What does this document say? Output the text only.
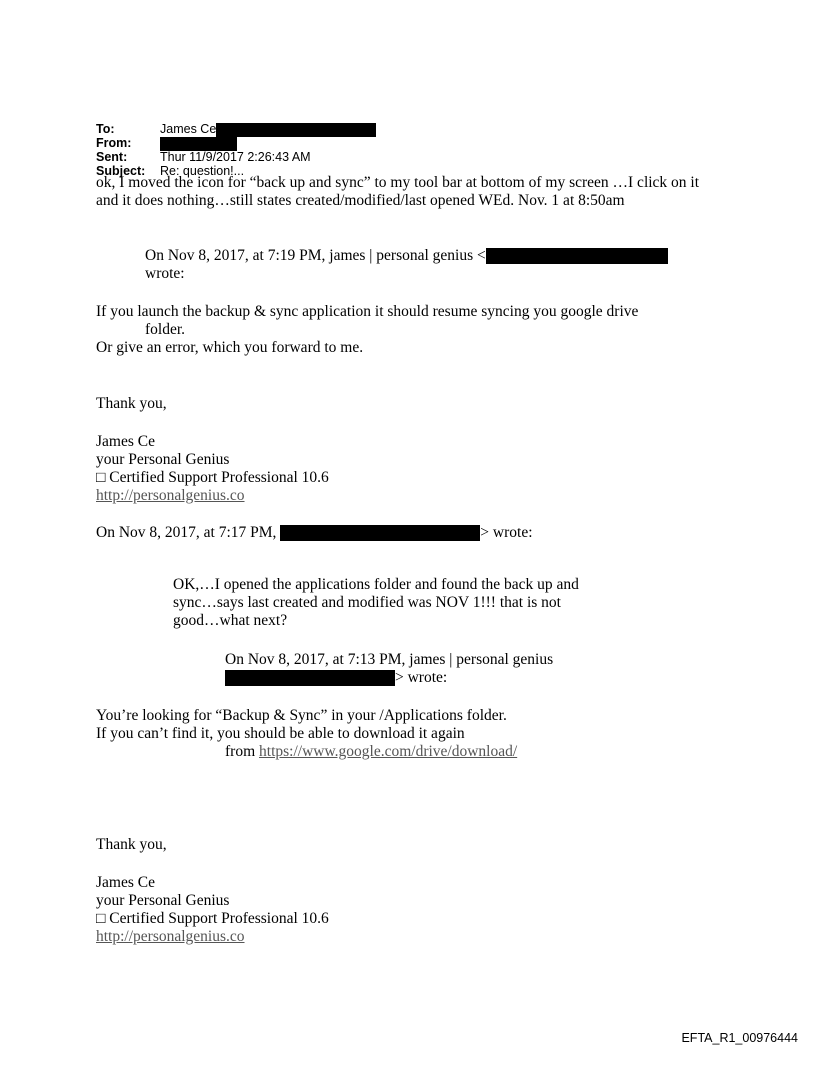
To:	James Ce
From:
Sent:	Thur 11/9/2017 2:26:43 AM
Subject: Re: question!...
ok, I moved the icon for “back up and sync” to my tool bar at bottom of my screen …I click on it
and it does nothing…still states created/modified/last opened WEd. Nov. 1 at 8:50am
On Nov 8, 2017, at 7:19 PM, james | personal genius <
wrote:
If you launch the backup & sync application it should resume syncing you google drive
folder.
Or give an error, which you forward to me.
Thank you,
James Ce
your Personal Genius
□ Certified Support Professional 10.6
http://personalgenius.co
On Nov 8, 2017, at 7:17 PM,	> wrote:
OK,…I opened the applications folder and found the back up and
sync…says last created and modified was NOV 1!!! that is not
good…what next?
On Nov 8, 2017, at 7:13 PM, james | personal genius
> wrote:
You’re looking for “Backup & Sync” in your /Applications folder.
If you can’t find it, you should be able to download it again
from https://www.google.com/drive/download/
Thank you,
James Ce
your Personal Genius
□ Certified Support Professional 10.6
http://personalgenius.co
EFTA_R1_00976444
